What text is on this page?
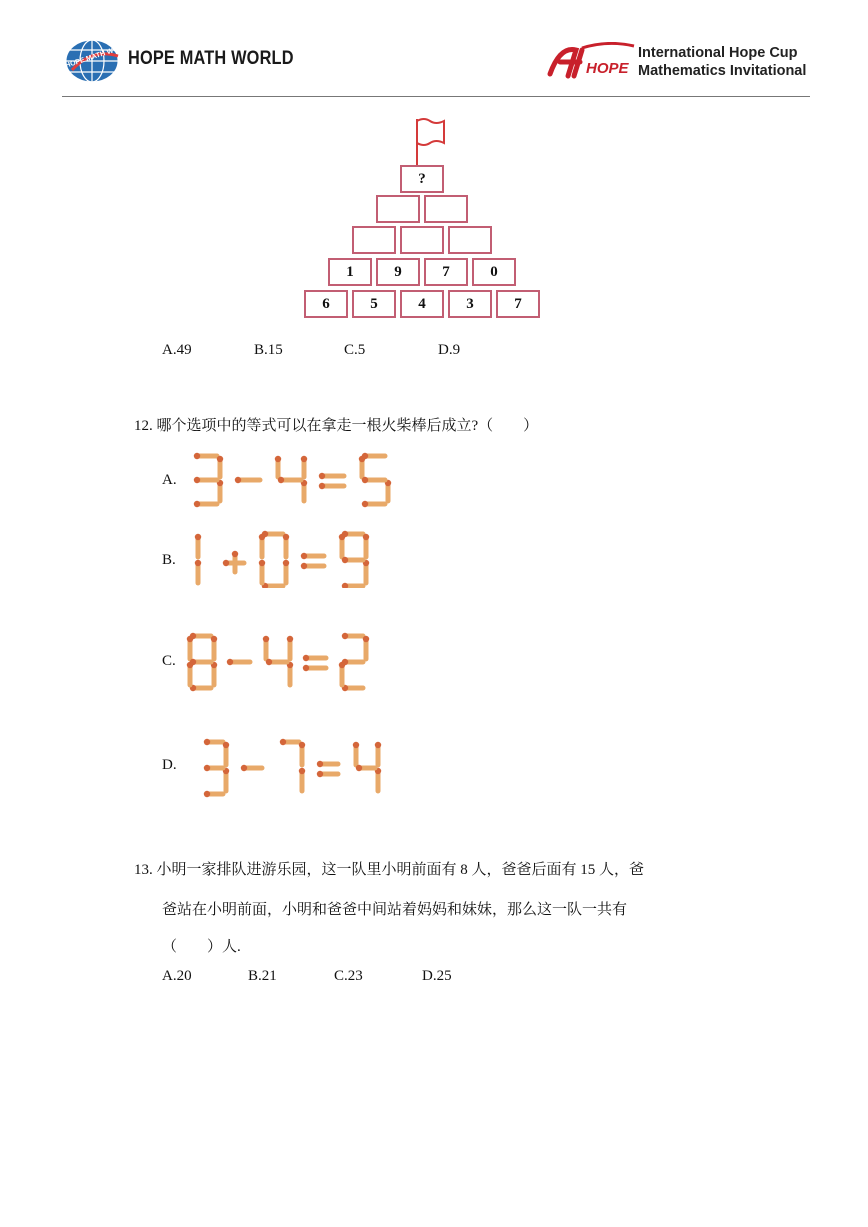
HOPE MATH WORLD
HOPE MATH WORLD	HOPE
International Hope Cup
Mathematics Invitational
?
1	9	7	0
6	5	4	3	7
A.49	B.15	C.5	D.9
12. 哪个选项中的等式可以在拿走一根火柴棒后成立?（　　）
A.
B.
C.
D.
13. 小明一家排队进游乐园，这一队里小明前面有 8 人，爸爸后面有 15 人，爸
爸站在小明前面，小明和爸爸中间站着妈妈和妹妹，那么这一队一共有
（　　）人.
A.20	B.21	C.23	D.25
